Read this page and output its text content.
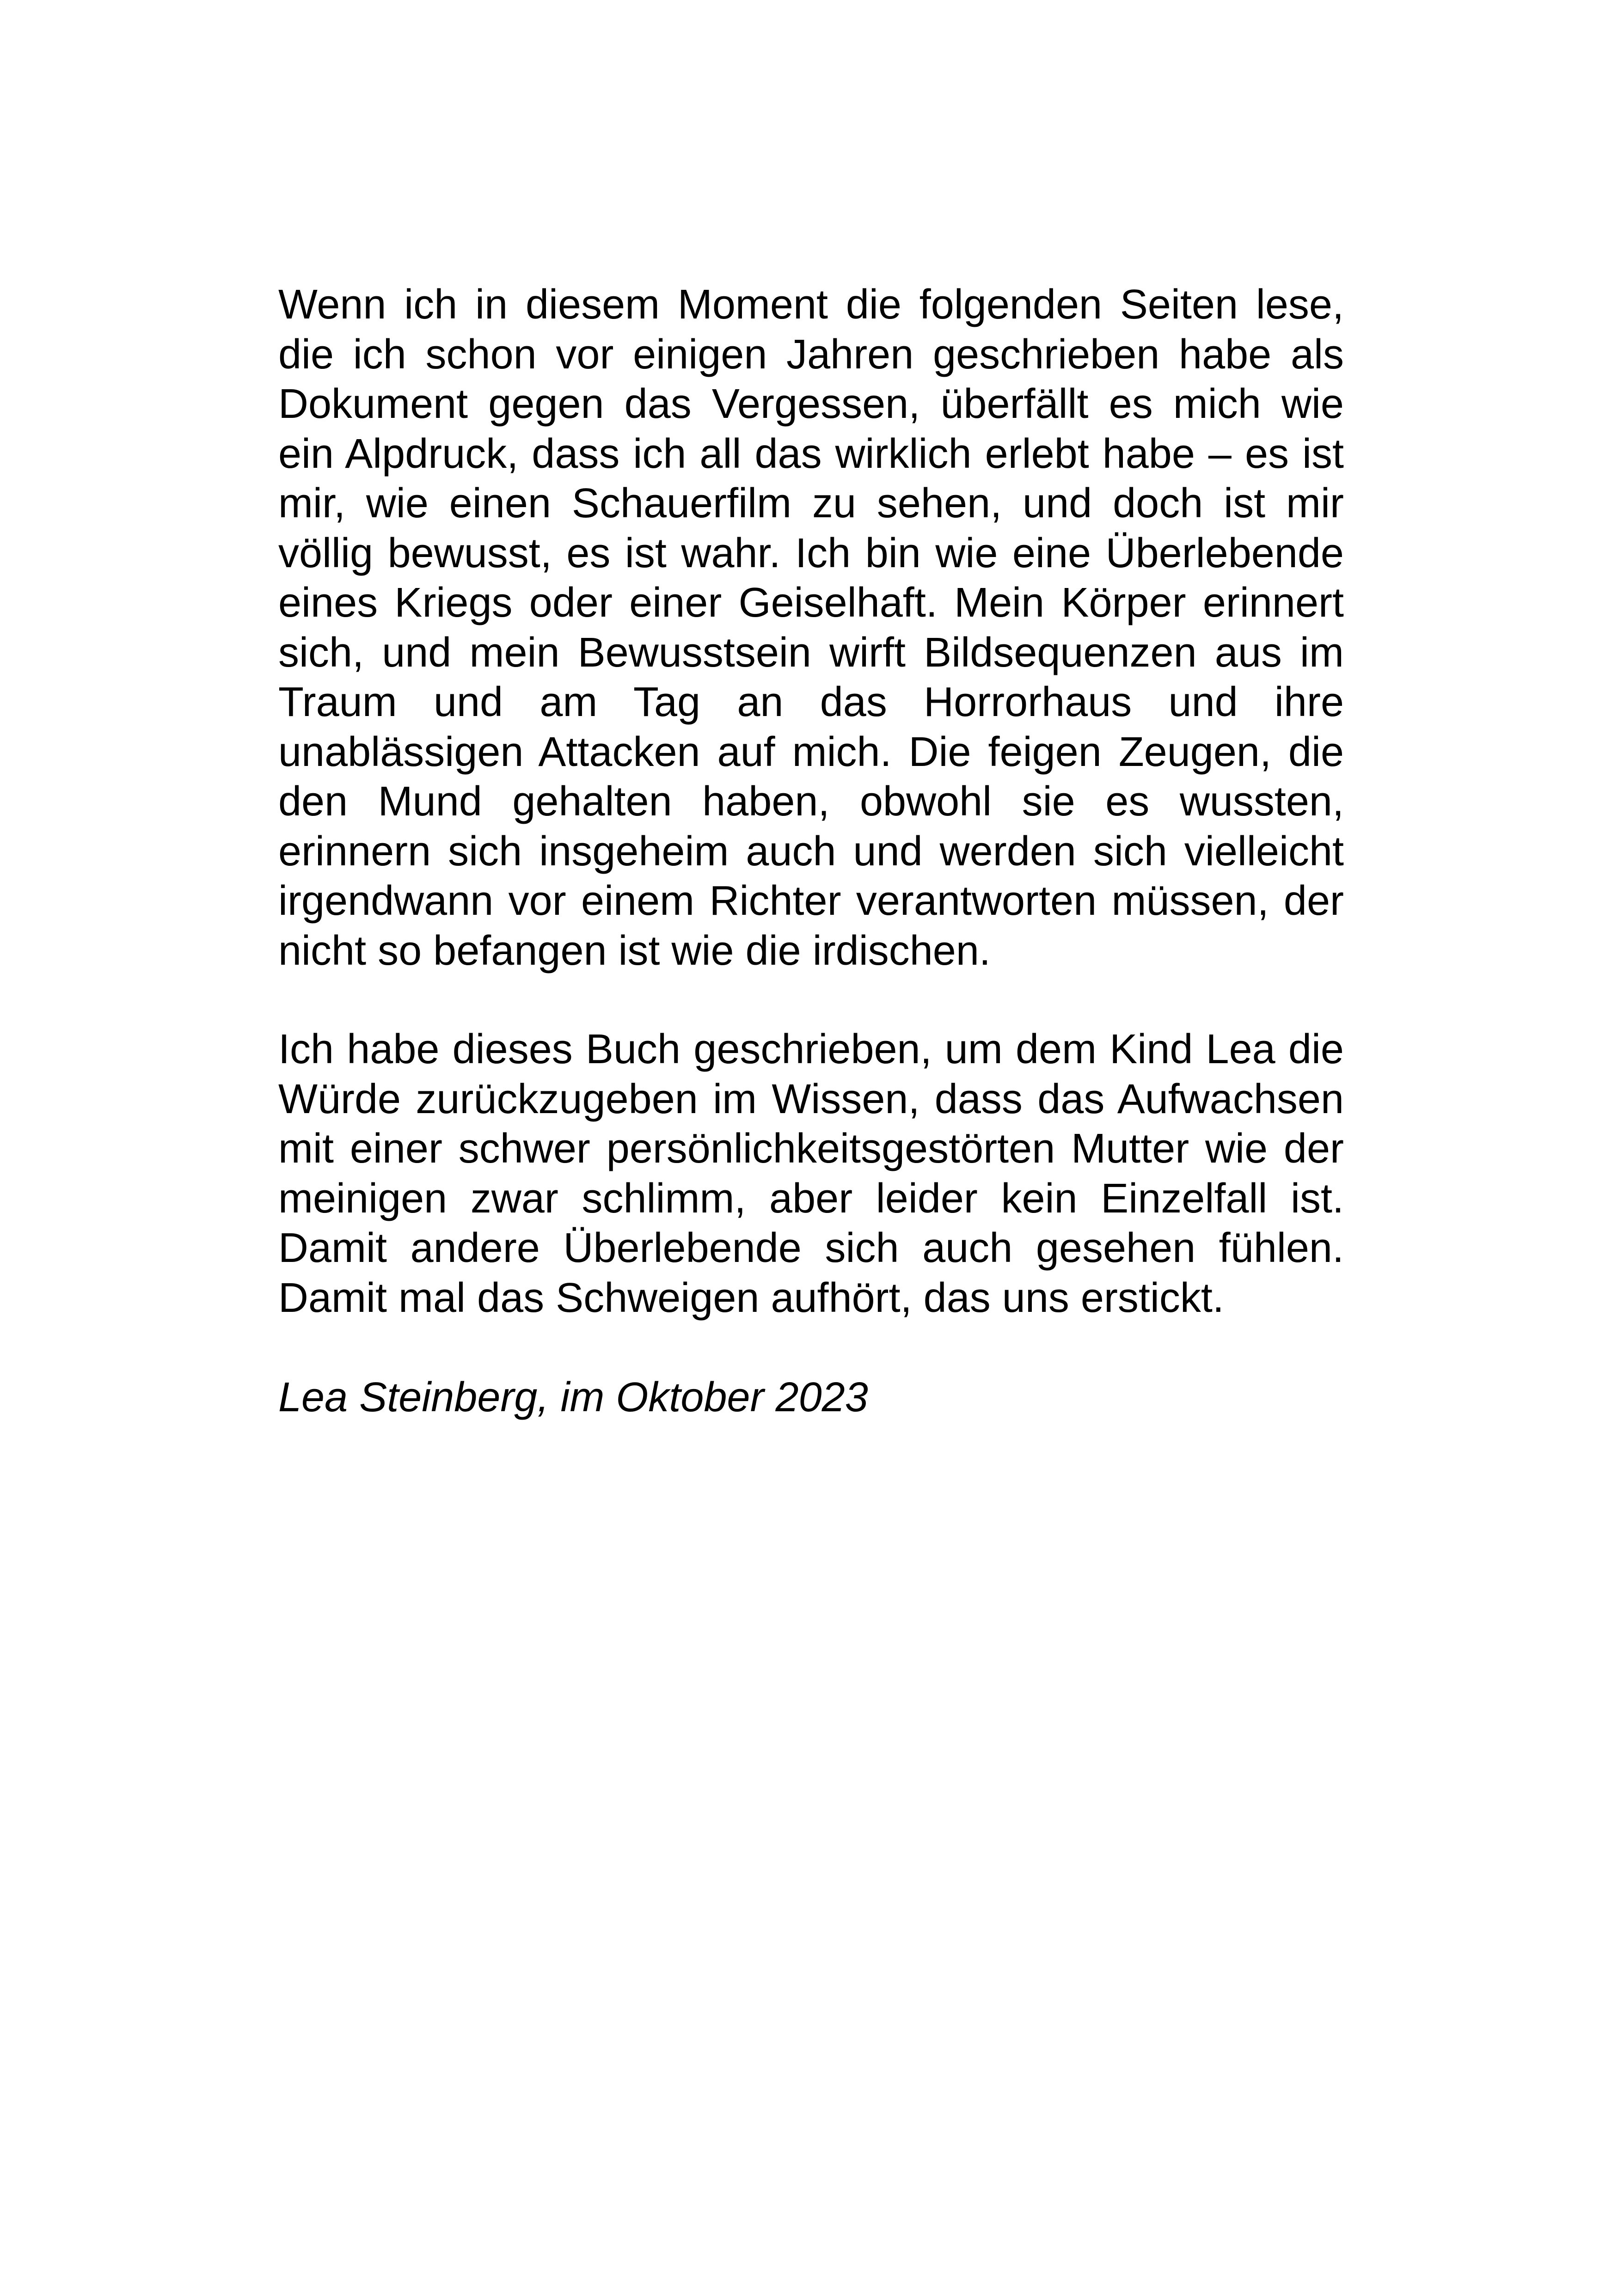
Wenn ich in diesem Moment die folgenden Seiten lese,
die ich schon vor einigen Jahren geschrieben habe als
Dokument gegen das Vergessen, überfällt es mich wie
ein Alpdruck, dass ich all das wirklich erlebt habe – es ist
mir, wie einen Schauerfilm zu sehen, und doch ist mir
völlig bewusst, es ist wahr. Ich bin wie eine Überlebende
eines Kriegs oder einer Geiselhaft. Mein Körper erinnert
sich, und mein Bewusstsein wirft Bildsequenzen aus im
Traum und am Tag an das Horrorhaus und ihre
unablässigen Attacken auf mich. Die feigen Zeugen, die
den Mund gehalten haben, obwohl sie es wussten,
erinnern sich insgeheim auch und werden sich vielleicht
irgendwann vor einem Richter verantworten müssen, der
nicht so befangen ist wie die irdischen.
Ich habe dieses Buch geschrieben, um dem Kind Lea die
Würde zurückzugeben im Wissen, dass das Aufwachsen
mit einer schwer persönlichkeitsgestörten Mutter wie der
meinigen zwar schlimm, aber leider kein Einzelfall ist.
Damit andere Überlebende sich auch gesehen fühlen.
Damit mal das Schweigen aufhört, das uns erstickt.
Lea Steinberg, im Oktober 2023
